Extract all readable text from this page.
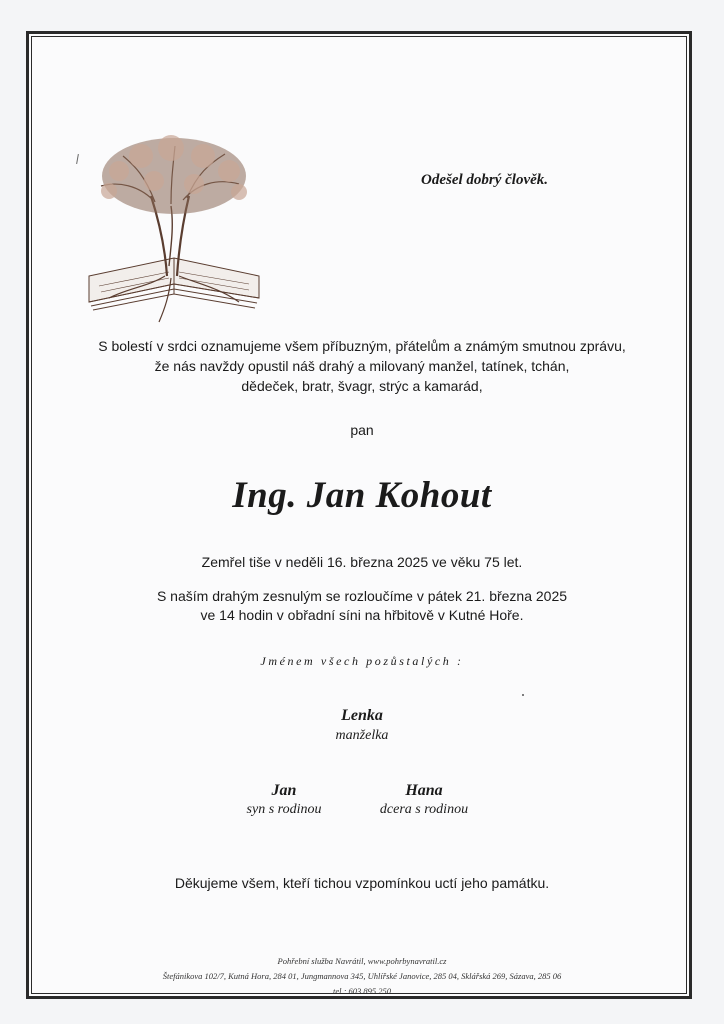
Odešel dobrý člověk.
S bolestí v srdci oznamujeme všem příbuzným, přátelům a známým smutnou zprávu,
že nás navždy opustil náš drahý a milovaný manžel, tatínek, tchán,
dědeček, bratr, švagr, strýc a kamarád,
pan
Ing. Jan Kohout
Zemřel tiše v neděli 16. března 2025 ve věku 75 let.
S naším drahým zesnulým se rozloučíme v pátek 21. března 2025
ve 14 hodin v obřadní síni na hřbitově v Kutné Hoře.
Jménem všech pozůstalých :
Lenka
manželka
Jan
syn s rodinou
Hana
dcera s rodinou
Děkujeme všem, kteří tichou vzpomínkou uctí jeho památku.
Pohřební služba Navrátil, www.pohrbynavratil.cz
Štefánikova 102/7, Kutná Hora, 284 01, Jungmannova 345, Uhlířské Janovice, 285 04, Sklářská 269, Sázava, 285 06
tel.: 603 895 250
